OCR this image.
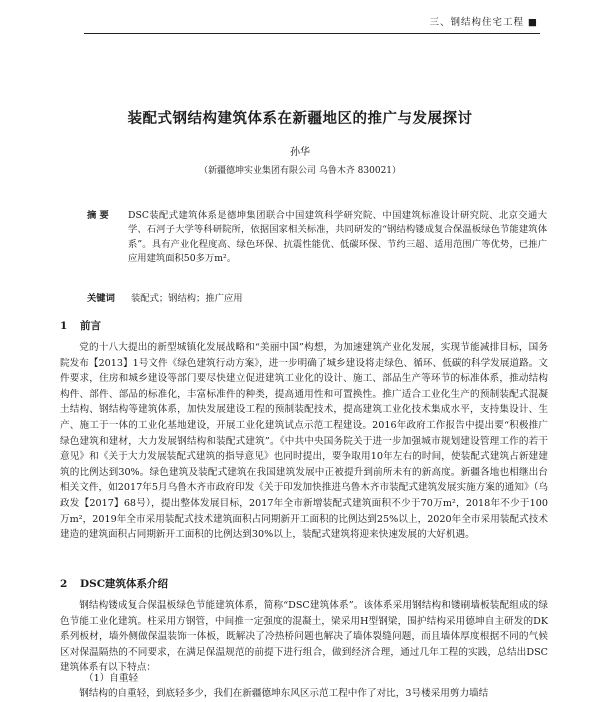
三、钢结构住宅工程 ■
装配式钢结构建筑体系在新疆地区的推广与发展探讨
孙华
（新疆德坤实业集团有限公司 乌鲁木齐 830021）
摘 要	DSC装配式建筑体系是德坤集团联合中国建筑科学研究院、中国建筑标准设计研究院、北京交通大学、石河子大学等科研院所，依据国家相关标准，共同研发的“钢结构镂成复合保温板绿色节能建筑体系”。具有产业化程度高、绿色环保、抗震性能优、低碳环保、节约三超、适用范围广等优势，已推广应用建筑面积50多万m²。
关键词 装配式；钢结构；推广应用
1 前言
党的十八大提出的新型城镇化发展战略和“美丽中国”构想，为加速建筑产业化发展，实现节能减排目标，国务院发布【2013】1号文件《绿色建筑行动方案》，进一步明确了城乡建设将走绿色、循环、低碳的科学发展道路。文件要求，住房和城乡建设等部门要尽快建立促进建筑工业化的设计、施工、部品生产等环节的标准体系，推动结构构件、部件、部品的标准化，丰富标准件的种类，提高通用性和可置换性。推广适合工业化生产的预制装配式混凝土结构、钢结构等建筑体系，加快发展建设工程的预制装配技术，提高建筑工业化技术集成水平，支持集设计、生产、施工于一体的工业化基地建设，开展工业化建筑试点示范工程建设。2016年政府工作报告中提出要“积极推广绿色建筑和建材，大力发展钢结构和装配式建筑”。《中共中央国务院关于进一步加强城市规划建设管理工作的若干意见》和《关于大力发展装配式建筑的指导意见》也同时提出，要争取用10年左右的时间，使装配式建筑占新建建筑的比例达到30%。绿色建筑及装配式建筑在我国建筑发展中正被提升到前所未有的新高度。新疆各地也相继出台相关文件，如2017年5月乌鲁木齐市政府印发《关于印发加快推进乌鲁木齐市装配式建筑发展实施方案的通知》（乌政发【2017】68号），提出整体发展目标，2017年全市新增装配式建筑面积不少于70万m²，2018年不少于100万m²，2019年全市采用装配式技术建筑面积占同期新开工面积的比例达到25%以上，2020年全市采用装配式技术建造的建筑面积占同期新开工面积的比例达到30%以上，装配式建筑将迎来快速发展的大好机遇。
2 DSC建筑体系介绍
钢结构镂成复合保温板绿色节能建筑体系，简称“DSC建筑体系”。该体系采用钢结构和镂刷墙板装配组成的绿色节能工业化建筑。柱采用方钢管，中间推一定强度的混凝土，梁采用H型钢梁，围护结构采用德坤自主研发的DK系列板材，墙外侧做保温装饰一体板，既解决了冷热桥问题也解决了墙体裂缝问题，而且墙体厚度根据不同的气候区对保温隔热的不同要求，在满足保温规范的前提下进行组合，做到经济合理，通过几年工程的实践，总结出DSC建筑体系有以下特点：
（1）自重轻
钢结构的自重轻，到底轻多少，我们在新疆德坤东风区示范工程中作了对比，3号楼采用剪力墙结
